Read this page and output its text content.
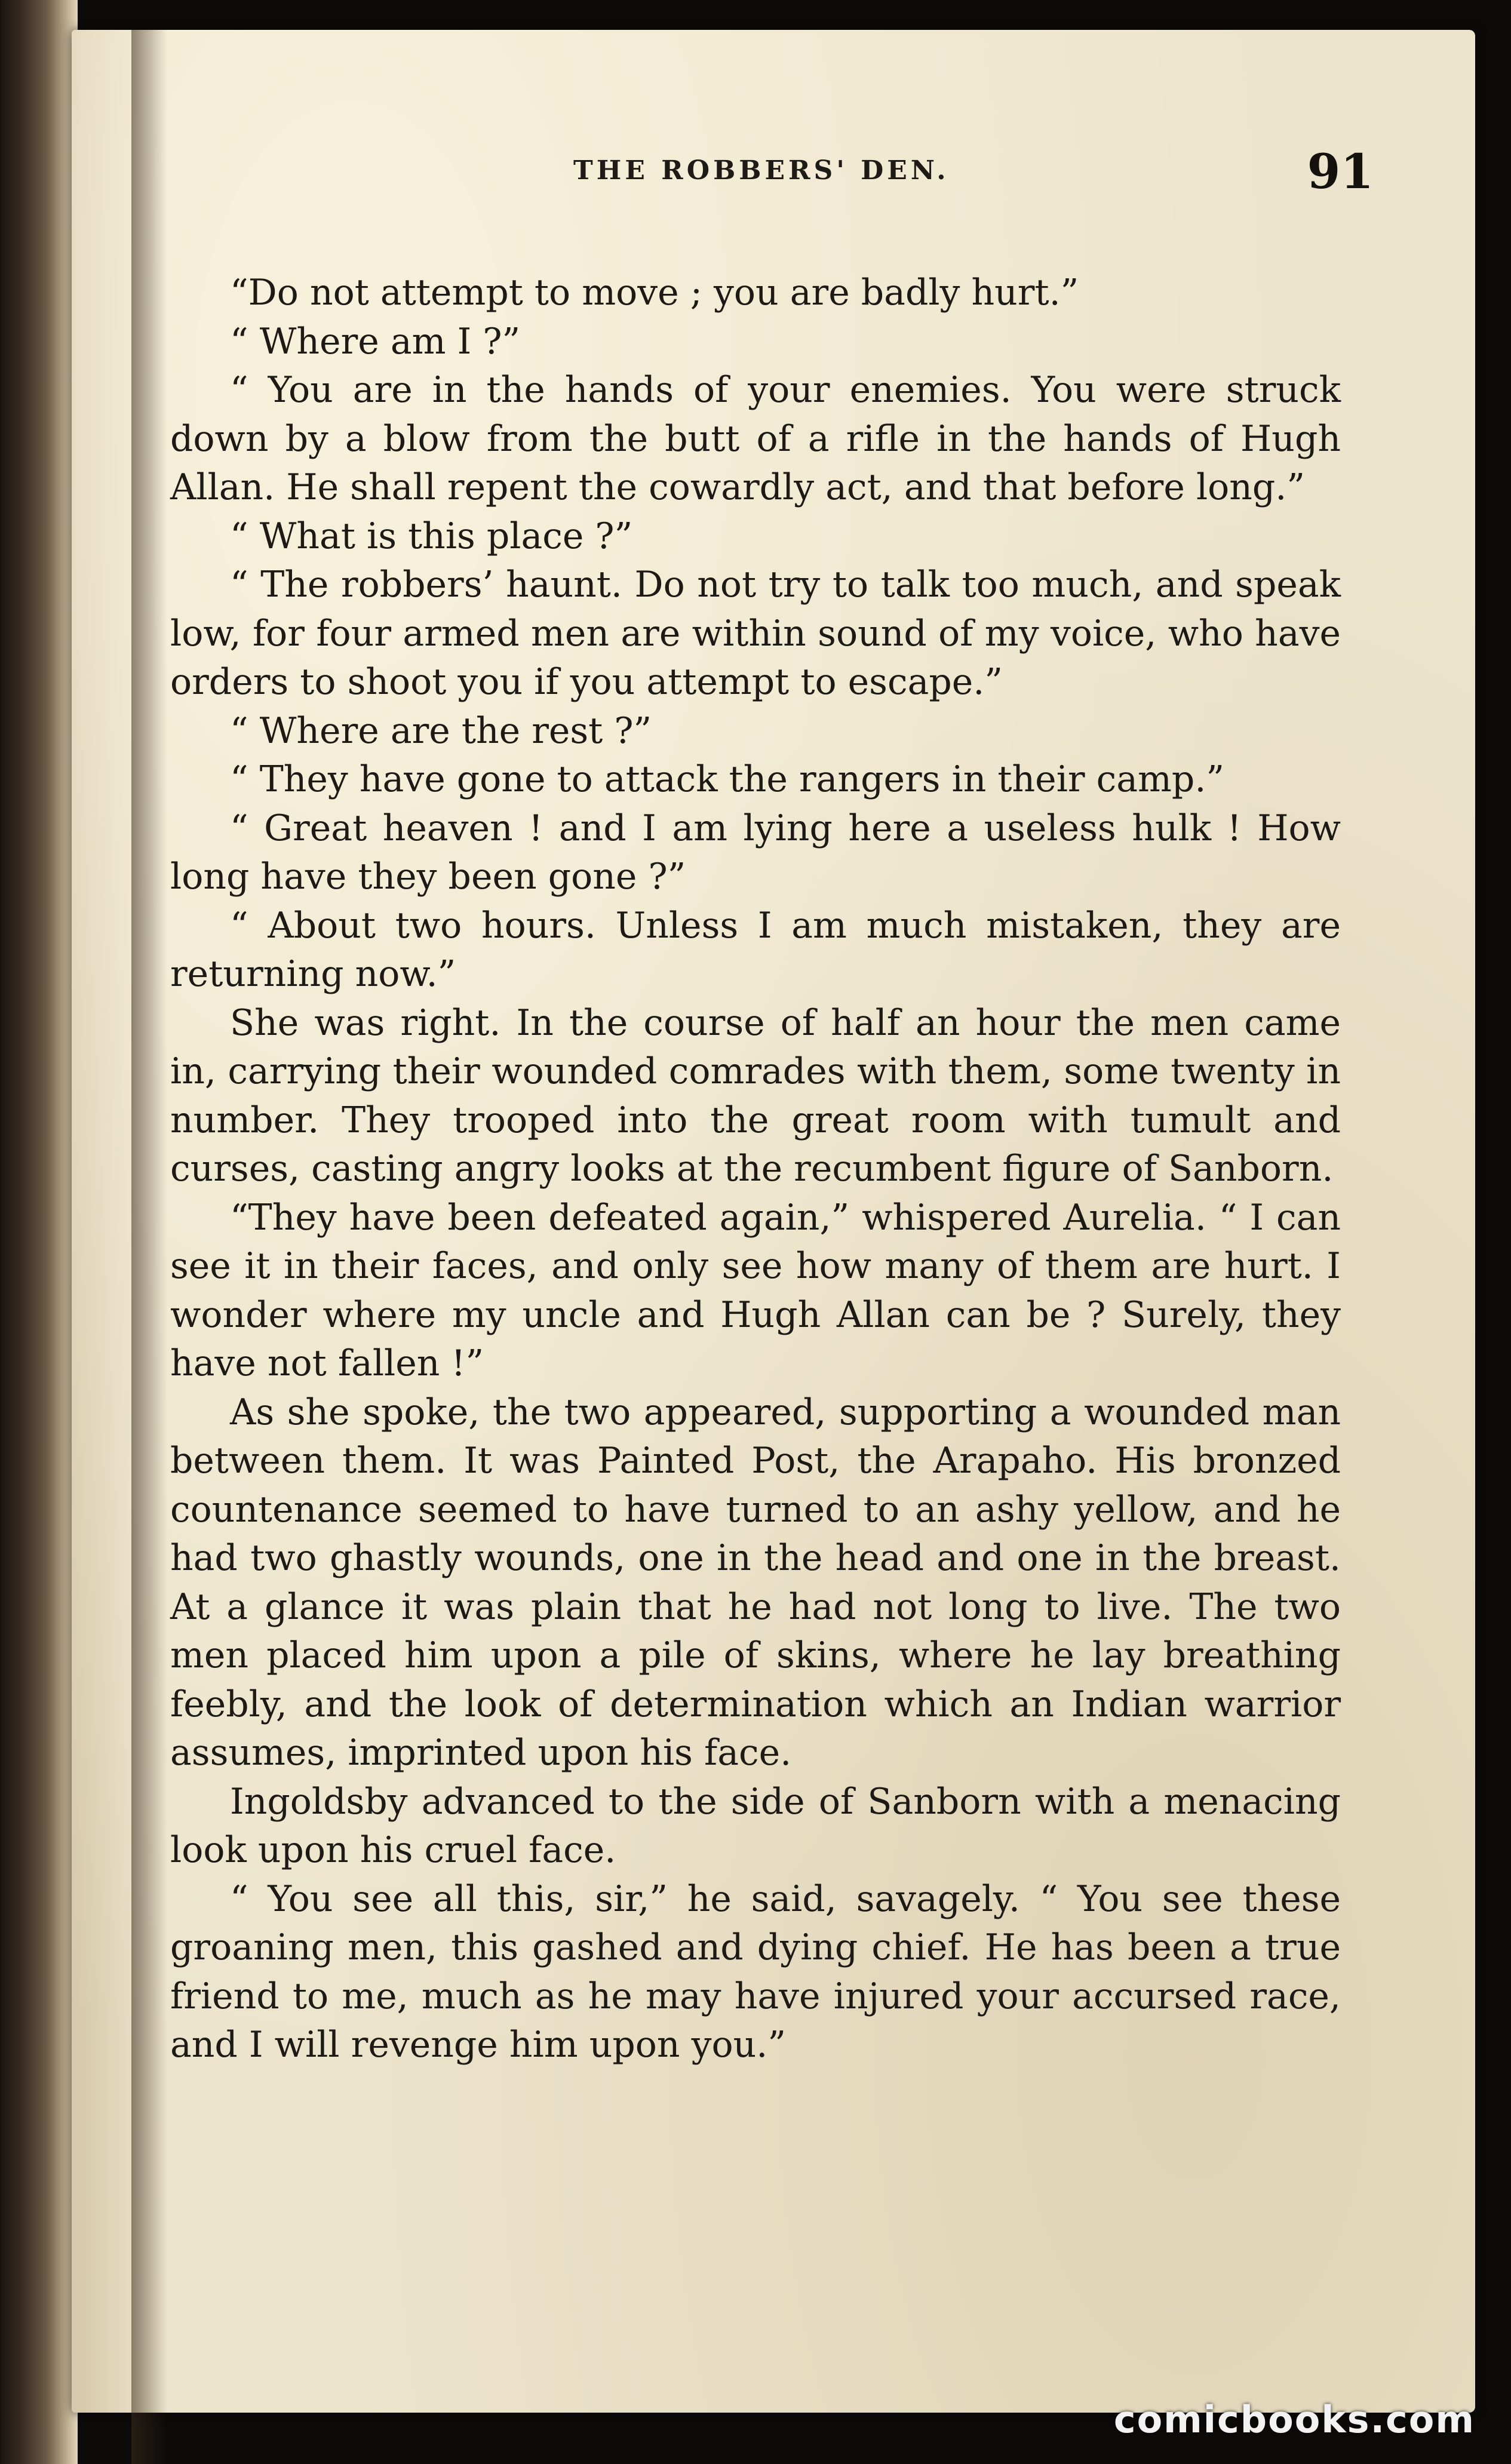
THE ROBBERS' DEN.	91

“Do not attempt to move ; you are badly hurt.”

“ Where am I ?”

“ You are in the hands of your enemies. You were struck down by a blow from the butt of a rifle in the hands of Hugh Allan. He shall repent the cowardly act, and that before long.”

“ What is this place ?”

“ The robbers’ haunt. Do not try to talk too much, and speak low, for four armed men are within sound of my voice, who have orders to shoot you if you attempt to escape.”

“ Where are the rest ?”

“ They have gone to attack the rangers in their camp.”

“ Great heaven ! and I am lying here a useless hulk ! How long have they been gone ?”

“ About two hours. Unless I am much mistaken, they are returning now.”

She was right. In the course of half an hour the men came in, carrying their wounded comrades with them, some twenty in number. They trooped into the great room with tumult and curses, casting angry looks at the recumbent figure of Sanborn.

“They have been defeated again,” whispered Aurelia. “ I can see it in their faces, and only see how many of them are hurt. I wonder where my uncle and Hugh Allan can be ? Surely, they have not fallen !”

As she spoke, the two appeared, supporting a wounded man between them. It was Painted Post, the Arapaho. His bronzed countenance seemed to have turned to an ashy yellow, and he had two ghastly wounds, one in the head and one in the breast. At a glance it was plain that he had not long to live. The two men placed him upon a pile of skins, where he lay breathing feebly, and the look of determination which an Indian warrior assumes, imprinted upon his face.

Ingoldsby advanced to the side of Sanborn with a menacing look upon his cruel face.

“ You see all this, sir,” he said, savagely. “ You see these groaning men, this gashed and dying chief. He has been a true friend to me, much as he may have injured your accursed race, and I will revenge him upon you.”

comicbooks.com
